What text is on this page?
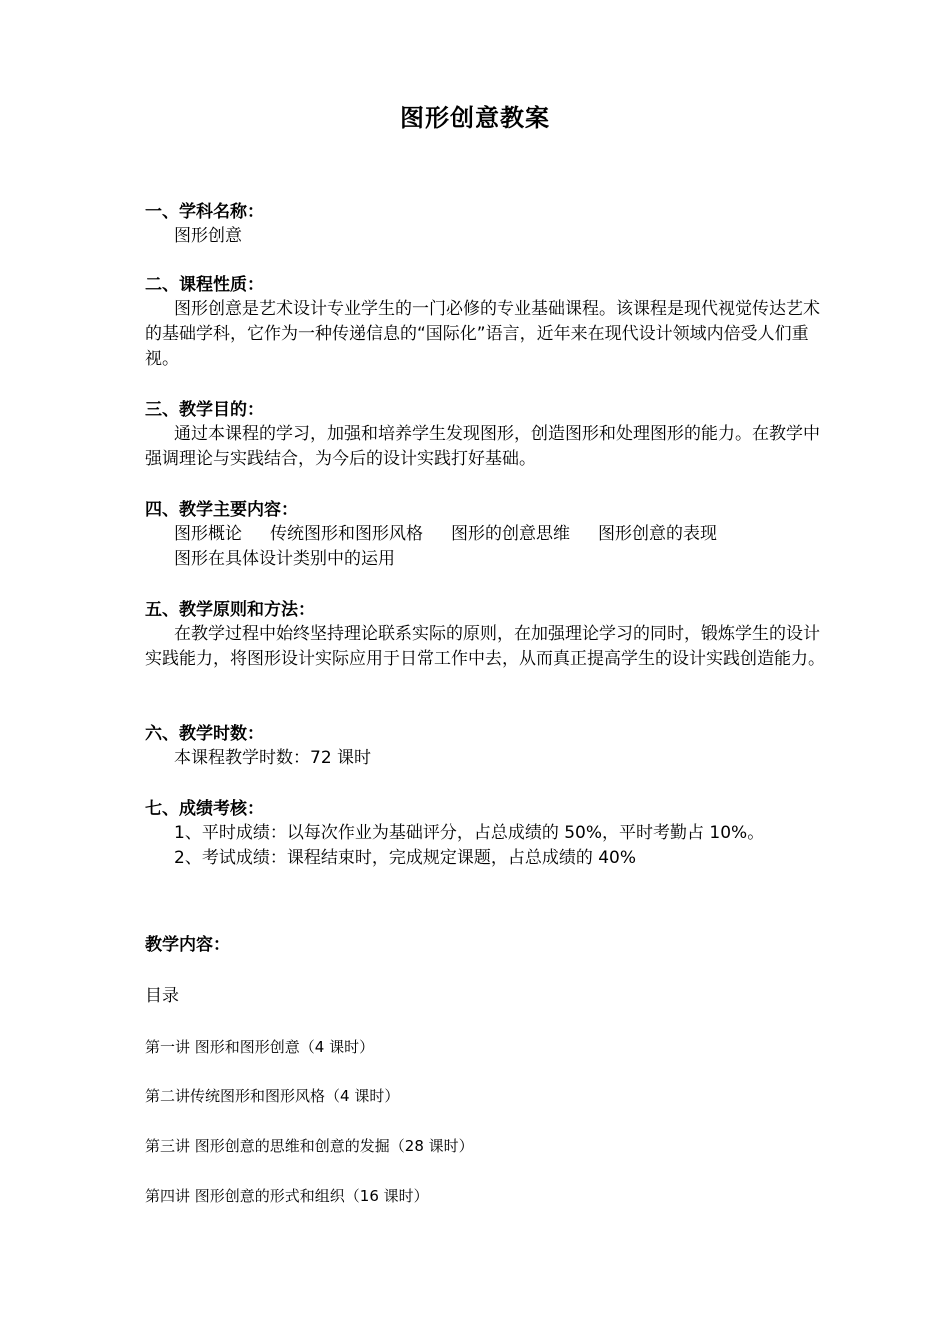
图形创意教案
一、学科名称：
图形创意
二、课程性质：
图形创意是艺术设计专业学生的一门必修的专业基础课程。该课程是现代视觉传达艺术的基础学科，它作为一种传递信息的“国际化”语言，近年来在现代设计领域内倍受人们重视。
三、教学目的：
通过本课程的学习，加强和培养学生发现图形，创造图形和处理图形的能力。在教学中强调理论与实践结合，为今后的设计实践打好基础。
四、教学主要内容：
图形概论 传统图形和图形风格 图形的创意思维 图形创意的表现
图形在具体设计类别中的运用
五、教学原则和方法：
在教学过程中始终坚持理论联系实际的原则，在加强理论学习的同时，锻炼学生的设计实践能力，将图形设计实际应用于日常工作中去，从而真正提高学生的设计实践创造能力。
六、教学时数：
本课程教学时数：72 课时
七、成绩考核：
1、平时成绩：以每次作业为基础评分，占总成绩的 50%，平时考勤占 10%。
2、考试成绩：课程结束时，完成规定课题，占总成绩的 40%
教学内容：
目录
第一讲 图形和图形创意（4 课时）
第二讲传统图形和图形风格（4 课时）
第三讲 图形创意的思维和创意的发掘（28 课时）
第四讲 图形创意的形式和组织（16 课时）
